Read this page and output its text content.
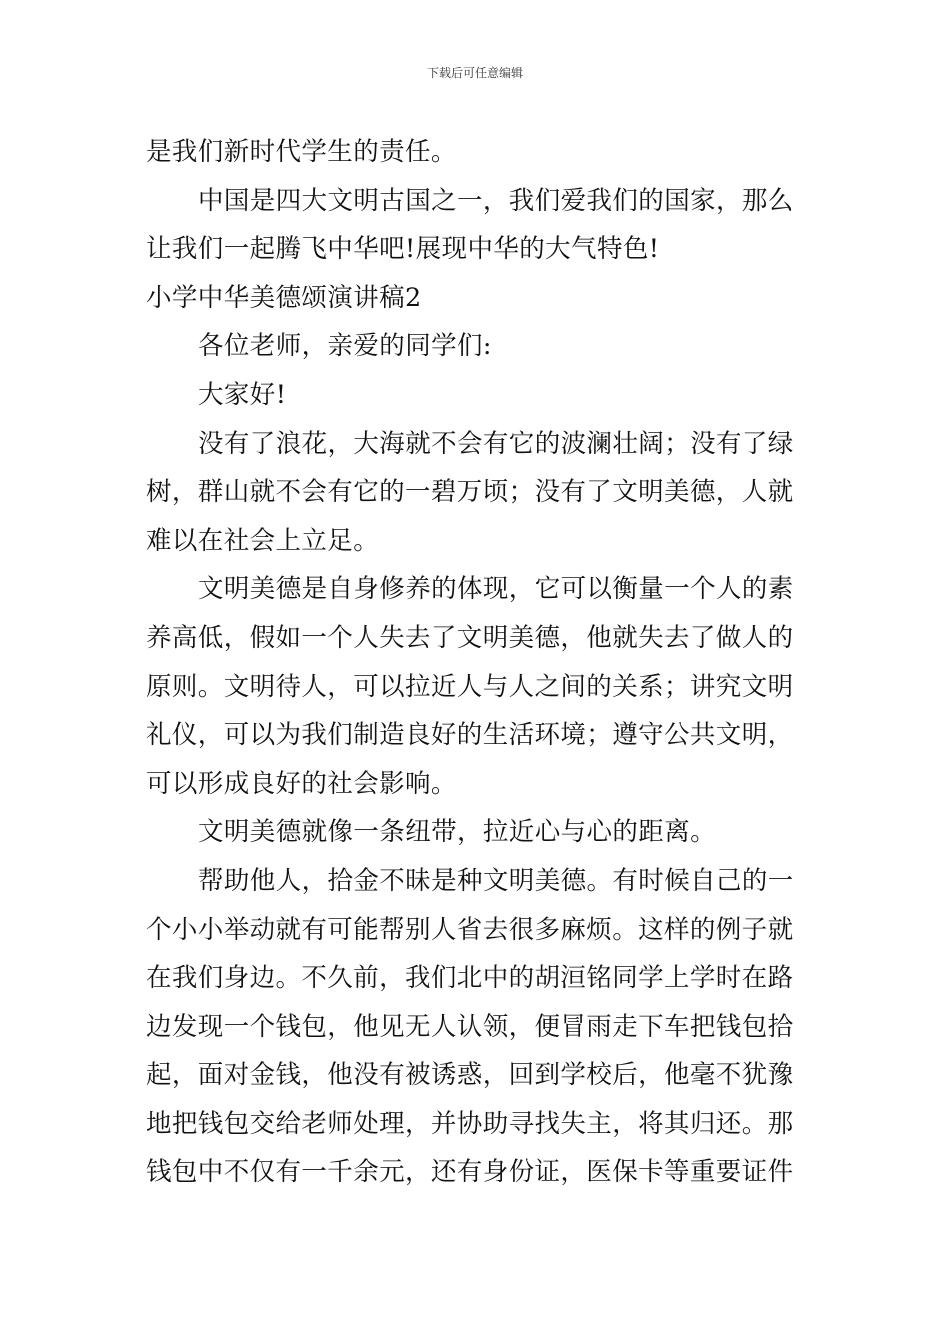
下载后可任意编辑
是我们新时代学生的责任。
中国是四大文明古国之一，我们爱我们的国家，那么
让我们一起腾飞中华吧!展现中华的大气特色!
小学中华美德颂演讲稿2
各位老师，亲爱的同学们:
大家好!
没有了浪花，大海就不会有它的波澜壮阔；没有了绿
树，群山就不会有它的一碧万顷；没有了文明美德，人就
难以在社会上立足。
文明美德是自身修养的体现，它可以衡量一个人的素
养高低，假如一个人失去了文明美德，他就失去了做人的
原则。文明待人，可以拉近人与人之间的关系；讲究文明
礼仪，可以为我们制造良好的生活环境；遵守公共文明，
可以形成良好的社会影响。
文明美德就像一条纽带，拉近心与心的距离。
帮助他人，拾金不昧是种文明美德。有时候自己的一
个小小举动就有可能帮别人省去很多麻烦。这样的例子就
在我们身边。不久前，我们北中的胡洹铭同学上学时在路
边发现一个钱包，他见无人认领，便冒雨走下车把钱包拾
起，面对金钱，他没有被诱惑，回到学校后，他毫不犹豫
地把钱包交给老师处理，并协助寻找失主，将其归还。那
钱包中不仅有一千余元，还有身份证，医保卡等重要证件
